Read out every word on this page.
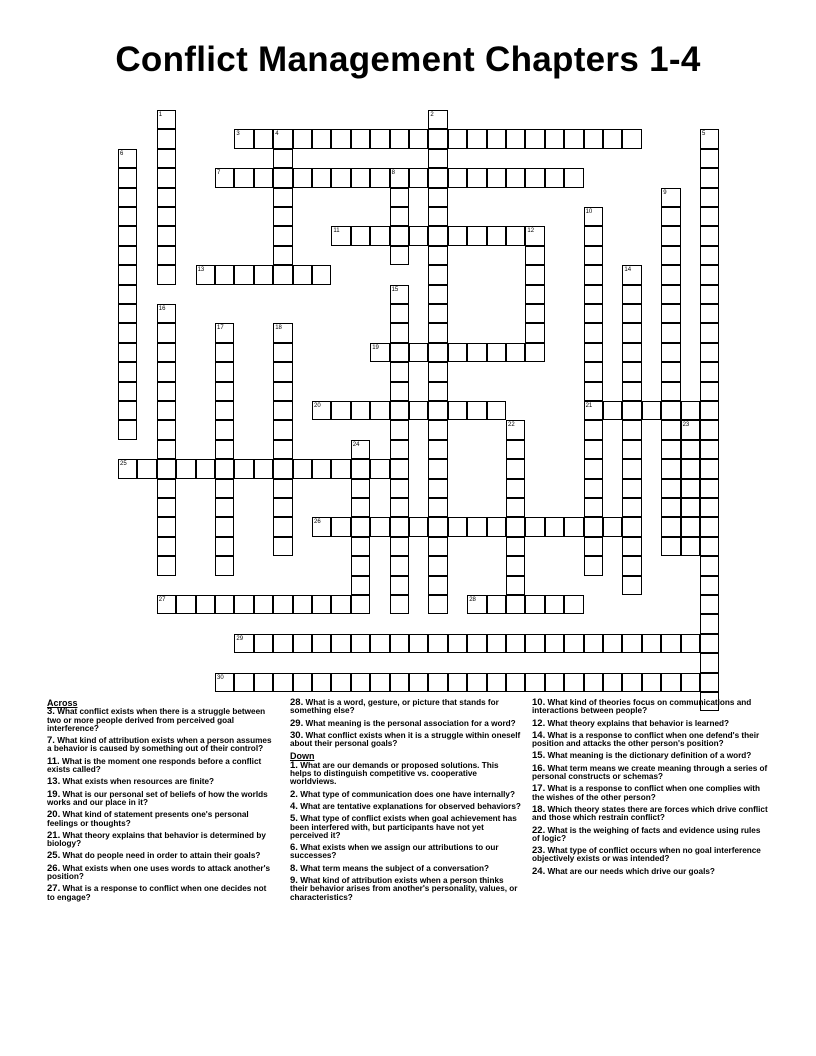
Conflict Management Chapters 1-4
1	2
3	4	5
6
7	8
9
10
21
11	12
13	14
15
16
17	18
19
20
22	23
24
25
26
27	28
29
30
Across
3. What conflict exists when there is a struggle between two or more people derived from perceived goal interference?
7. What kind of attribution exists when a person assumes a behavior is caused by something out of their control?
11. What is the moment one responds before a conflict exists called?
13. What exists when resources are finite?
19. What is our personal set of beliefs of how the worlds works and our place in it?
20. What kind of statement presents one's personal feelings or thoughts?
21. What theory explains that behavior is determined by biology?
25. What do people need in order to attain their goals?
26. What exists when one uses words to attack another's position?
27. What is a response to conflict when one decides not to engage?
28. What is a word, gesture, or picture that stands for something else?
29. What meaning is the personal association for a word?
30. What conflict exists when it is a struggle within oneself about their personal goals?
Down
1. What are our demands or proposed solutions. This helps to distinguish competitive vs. cooperative worldviews.
2. What type of communication does one have internally?
4. What are tentative explanations for observed behaviors?
5. What type of conflict exists when goal achievement has been interfered with, but participants have not yet perceived it?
6. What exists when we assign our attributions to our successes?
8. What term means the subject of a conversation?
9. What kind of attribution exists when a person thinks their behavior arises from another's personality, values, or characteristics?
10. What kind of theories focus on communications and interactions between people?
12. What theory explains that behavior is learned?
14. What is a response to conflict when one defend's their position and attacks the other person's position?
15. What meaning is the dictionary definition of a word?
16. What term means we create meaning through a series of personal constructs or schemas?
17. What is a response to conflict when one complies with the wishes of the other person?
18. Which theory states there are forces which drive conflict and those which restrain conflict?
22. What is the weighing of facts and evidence using rules of logic?
23. What type of conflict occurs when no goal interference objectively exists or was intended?
24. What are our needs which drive our goals?
